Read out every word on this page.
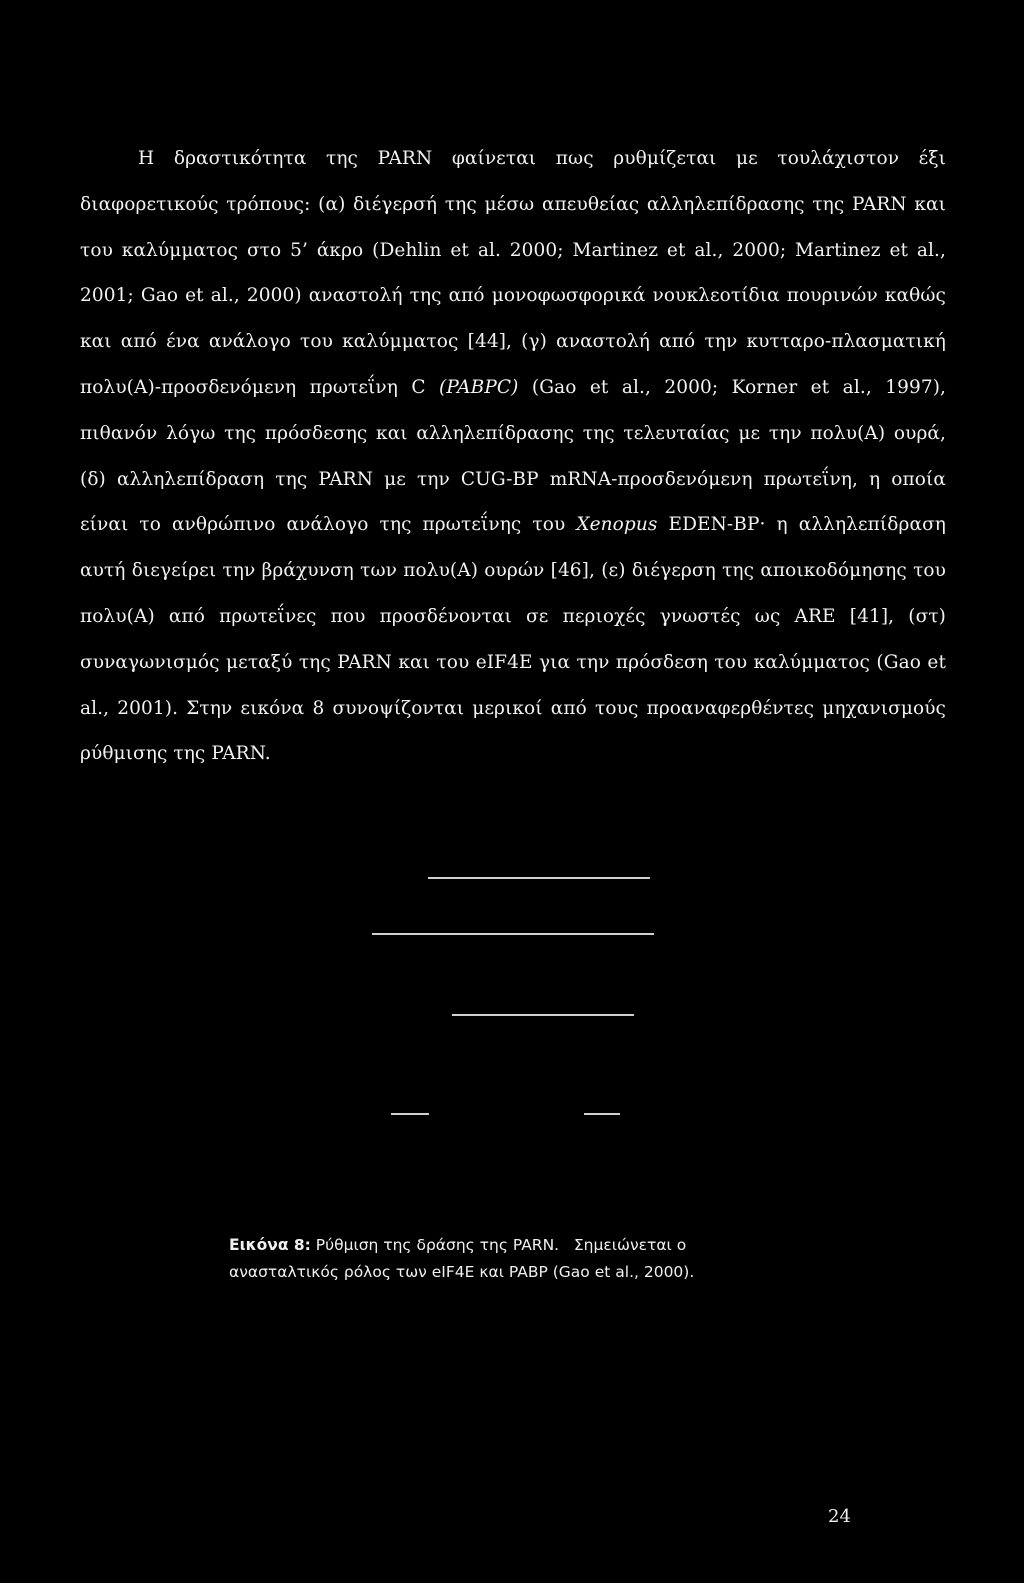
Η δραστικότητα της PARN φαίνεται πως ρυθμίζεται με τουλάχιστον έξι διαφορετικούς τρόπους: (α) διέγερσή της μέσω απευθείας αλληλεπίδρασης της PARN και του καλύμματος στο 5’ άκρο (Dehlin et al. 2000; Martinez et al., 2000; Martinez et al., 2001; Gao et al., 2000) αναστολή της από μονοφωσφορικά νουκλεοτίδια πουρινών καθώς και από ένα ανάλογο του καλύμματος [44], (γ) αναστολή από την κυτταρο-πλασματική πολυ(Α)-προσδενόμενη πρωτεΐνη C (PABPC) (Gao et al., 2000; Korner et al., 1997), πιθανόν λόγω της πρόσδεσης και αλληλεπίδρασης της τελευταίας με την πολυ(Α) ουρά, (δ) αλληλεπίδραση της PARN με την CUG-BP mRNA-προσδενόμενη πρωτεΐνη, η οποία είναι το ανθρώπινο ανάλογο της πρωτεΐνης του Xenopus EDEN-BP· η αλληλεπίδραση αυτή διεγείρει την βράχυνση των πολυ(Α) ουρών [46], (ε) διέγερση της αποικοδόμησης του πολυ(Α) από πρωτεΐνες που προσδένονται σε περιοχές γνωστές ως ARE [41], (στ) συναγωνισμός μεταξύ της PARN και του eIF4E για την πρόσδεση του καλύμματος (Gao et al., 2001). Στην εικόνα 8 συνοψίζονται μερικοί από τους προαναφερθέντες μηχανισμούς ρύθμισης της PARN.

Εικόνα 8: Ρύθμιση της δράσης της PARN.   Σημειώνεται ο
ανασταλτικός ρόλος των eIF4E και PABP (Gao et al., 2000).
24
